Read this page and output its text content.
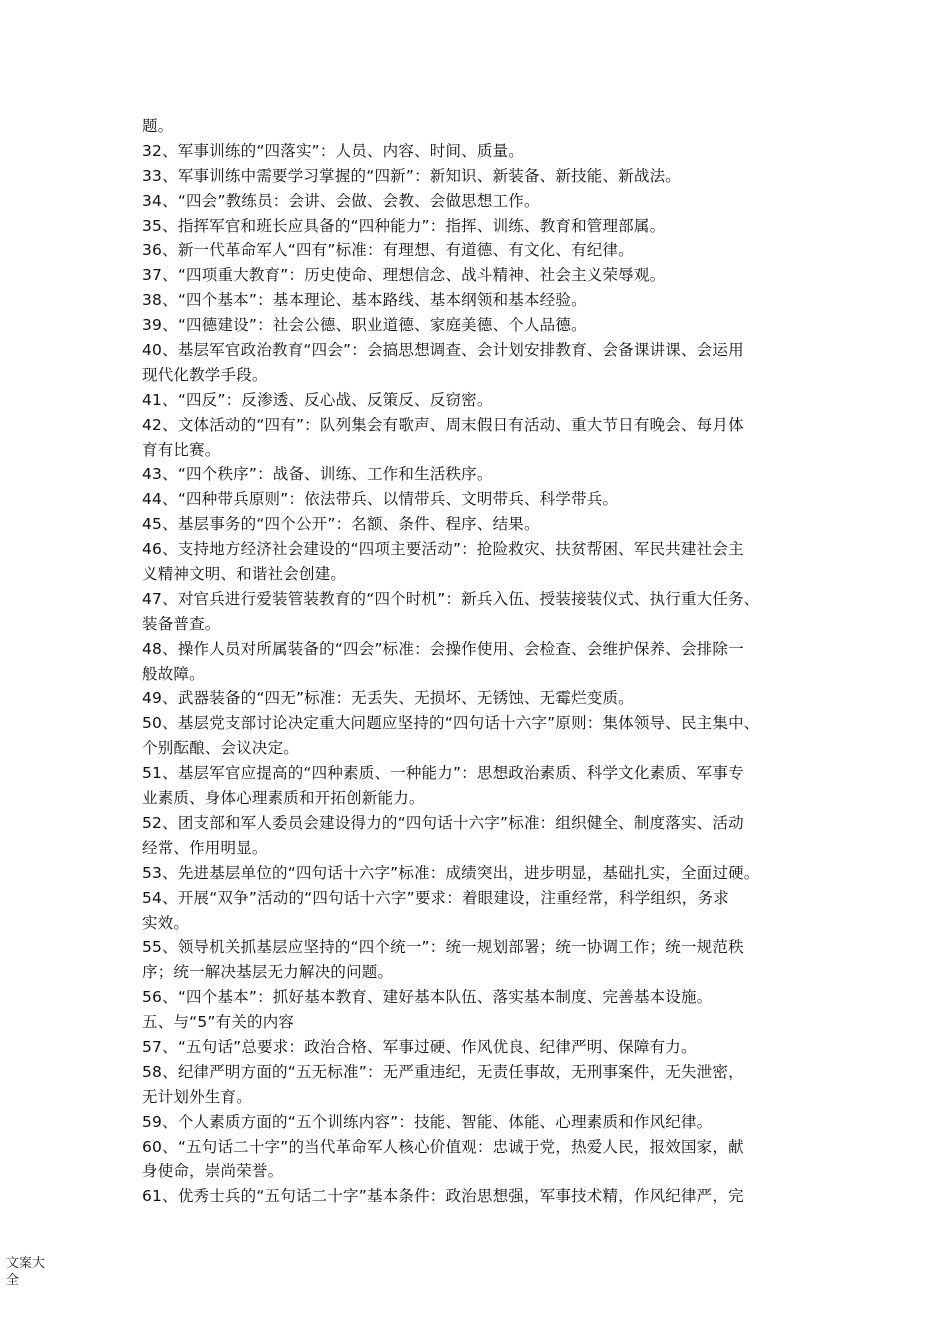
题。
32、军事训练的“四落实”：人员、内容、时间、质量。
33、军事训练中需要学习掌握的“四新”：新知识、新装备、新技能、新战法。
34、“四会”教练员：会讲、会做、会教、会做思想工作。
35、指挥军官和班长应具备的“四种能力”：指挥、训练、教育和管理部属。
36、新一代革命军人“四有”标准：有理想、有道德、有文化、有纪律。
37、“四项重大教育”：历史使命、理想信念、战斗精神、社会主义荣辱观。
38、“四个基本”：基本理论、基本路线、基本纲领和基本经验。
39、“四德建设”：社会公德、职业道德、家庭美德、个人品德。
40、基层军官政治教育“四会”：会搞思想调查、会计划安排教育、会备课讲课、会运用
现代化教学手段。
41、“四反”：反渗透、反心战、反策反、反窃密。
42、文体活动的“四有”：队列集会有歌声、周末假日有活动、重大节日有晚会、每月体
育有比赛。
43、“四个秩序”：战备、训练、工作和生活秩序。
44、“四种带兵原则”：依法带兵、以情带兵、文明带兵、科学带兵。
45、基层事务的“四个公开”：名额、条件、程序、结果。
46、支持地方经济社会建设的“四项主要活动”：抢险救灾、扶贫帮困、军民共建社会主
义精神文明、和谐社会创建。
47、对官兵进行爱装管装教育的“四个时机”：新兵入伍、授装接装仪式、执行重大任务、
装备普查。
48、操作人员对所属装备的“四会”标准：会操作使用、会检查、会维护保养、会排除一
般故障。
49、武器装备的“四无”标准：无丢失、无损坏、无锈蚀、无霉烂变质。
50、基层党支部讨论决定重大问题应坚持的“四句话十六字”原则：集体领导、民主集中、
个别酝酿、会议决定。
51、基层军官应提高的“四种素质、一种能力”：思想政治素质、科学文化素质、军事专
业素质、身体心理素质和开拓创新能力。
52、团支部和军人委员会建设得力的“四句话十六字”标准：组织健全、制度落实、活动
经常、作用明显。
53、先进基层单位的“四句话十六字”标准：成绩突出，进步明显，基础扎实，全面过硬。
54、开展“双争”活动的“四句话十六字”要求：着眼建设，注重经常，科学组织，务求
实效。
55、领导机关抓基层应坚持的“四个统一”：统一规划部署；统一协调工作；统一规范秩
序；统一解决基层无力解决的问题。
56、“四个基本”：抓好基本教育、建好基本队伍、落实基本制度、完善基本设施。
五、与“5”有关的内容
57、“五句话”总要求：政治合格、军事过硬、作风优良、纪律严明、保障有力。
58、纪律严明方面的“五无标准”：无严重违纪，无责任事故，无刑事案件，无失泄密，
无计划外生育。
59、个人素质方面的“五个训练内容”：技能、智能、体能、心理素质和作风纪律。
60、“五句话二十字”的当代革命军人核心价值观：忠诚于党，热爱人民，报效国家，献
身使命，崇尚荣誉。
61、优秀士兵的“五句话二十字”基本条件：政治思想强，军事技术精，作风纪律严，完
文案大全
